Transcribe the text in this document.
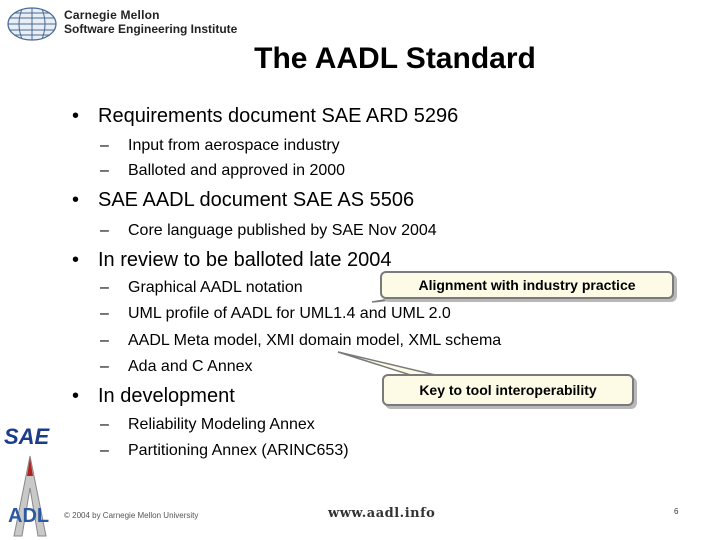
Carnegie Mellon
Software Engineering Institute
The AADL Standard
• Requirements document SAE ARD 5296
– Input from aerospace industry
– Balloted and approved in 2000
• SAE AADL document SAE AS 5506
– Core language published by SAE Nov 2004
• In review to be balloted late 2004
– Graphical AADL notation
– UML profile of AADL for UML1.4 and UML 2.0
– AADL Meta model, XMI domain model, XML schema
– Ada and C Annex
• In development
– Reliability Modeling Annex
– Partitioning Annex (ARINC653)
Alignment with industry practice
Key to tool interoperability
SAE
ADL © 2004 by Carnegie Mellon University	www.aadl.info	6
